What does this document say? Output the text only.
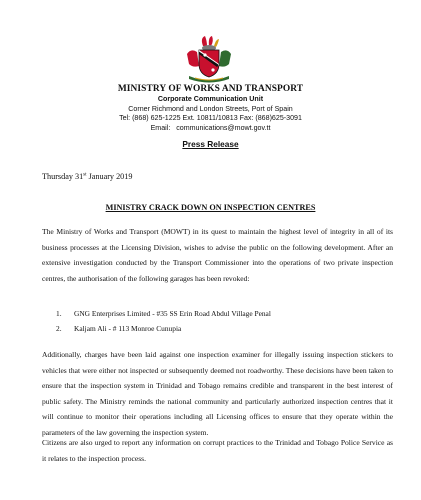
MINISTRY OF WORKS AND TRANSPORT
Corporate Communication Unit
Corner Richmond and London Streets, Port of Spain
Tel: (868) 625-1225 Ext. 10811/10813 Fax: (868)625-3091
Email: communications@mowt.gov.tt
Press Release
Thursday 31st January 2019
MINISTRY CRACK DOWN ON INSPECTION CENTRES

The Ministry of Works and Transport (MOWT) in its quest to maintain the highest level of integrity in all of its business processes at the Licensing Division, wishes to advise the public on the following development. After an extensive investigation conducted by the Transport Commissioner into the operations of two private inspection centres, the authorisation of the following garages has been revoked:

1.	GNG Enterprises Limited - #35 SS Erin Road Abdul Village Penal
2.	Kaljam Ali - # 113 Monroe Cunupia

Additionally, charges have been laid against one inspection examiner for illegally issuing inspection stickers to vehicles that were either not inspected or subsequently deemed not roadworthy. These decisions have been taken to ensure that the inspection system in Trinidad and Tobago remains credible and transparent in the best interest of public safety. The Ministry reminds the national community and particularly authorized inspection centres that it will continue to monitor their operations including all Licensing offices to ensure that they operate within the parameters of the law governing the inspection system.

Citizens are also urged to report any information on corrupt practices to the Trinidad and Tobago Police Service as it relates to the inspection process.
